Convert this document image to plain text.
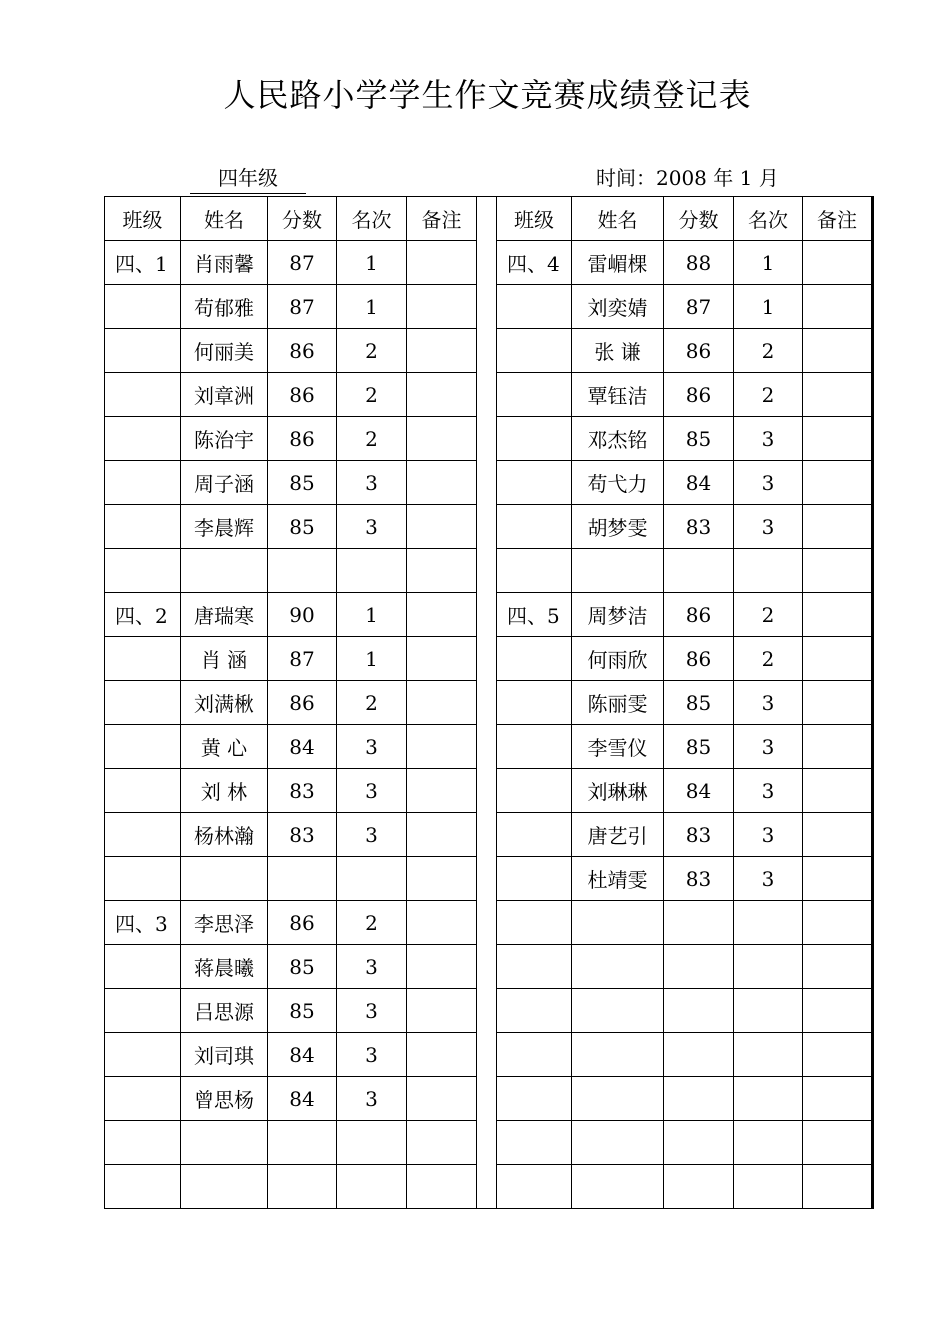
人民路小学学生作文竞赛成绩登记表
四年级	时间：2008 年 1 月
班级	姓名	分数	名次	备注		班级	姓名	分数	名次	备注
四、1	肖雨馨	87	1			四、4	雷嵋棵	88	1	
	苟郁雅	87	1				刘奕婧	87	1	
	何丽美	86	2				张 谦	86	2	
	刘章洲	86	2				覃钰洁	86	2	
	陈治宇	86	2				邓杰铭	85	3	
	周子涵	85	3				苟弋力	84	3	
	李晨辉	85	3				胡梦雯	83	3	

四、2	唐瑞寒	90	1			四、5	周梦洁	86	2	
	肖 涵	87	1				何雨欣	86	2	
	刘满楸	86	2				陈丽雯	85	3	
	黄 心	84	3				李雪仪	85	3	
	刘 林	83	3				刘琳琳	84	3	
	杨林瀚	83	3				唐艺引	83	3	
							杜靖雯	83	3	
四、3	李思泽	86	2							
	蒋晨曦	85	3							
	吕思源	85	3							
	刘司琪	84	3							
	曾思杨	84	3							
